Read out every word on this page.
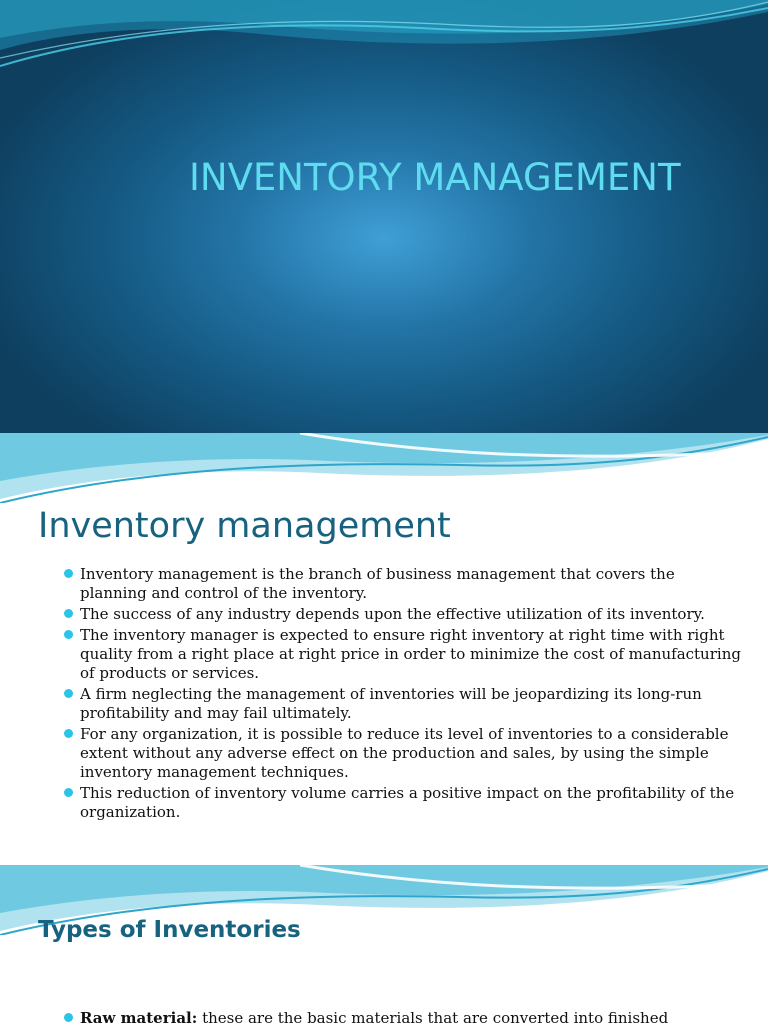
INVENTORY MANAGEMENT
Inventory management
Inventory management is the branch of business management that covers the planning and control of the inventory.
The success of any industry depends upon the effective utilization of its inventory.
The inventory manager is expected to ensure right inventory at right time with right quality from a right place at right price in order to minimize the cost of manufacturing of products or services.
A firm neglecting the management of inventories will be jeopardizing its long-run profitability and may fail ultimately.
For any organization, it is possible to reduce its level of inventories to a considerable extent without any adverse effect on the production and sales, by using the simple inventory management techniques.
This reduction of inventory volume carries a positive impact on the profitability of the organization.
Types of Inventories
Raw material: these are the basic materials that are converted into finished
